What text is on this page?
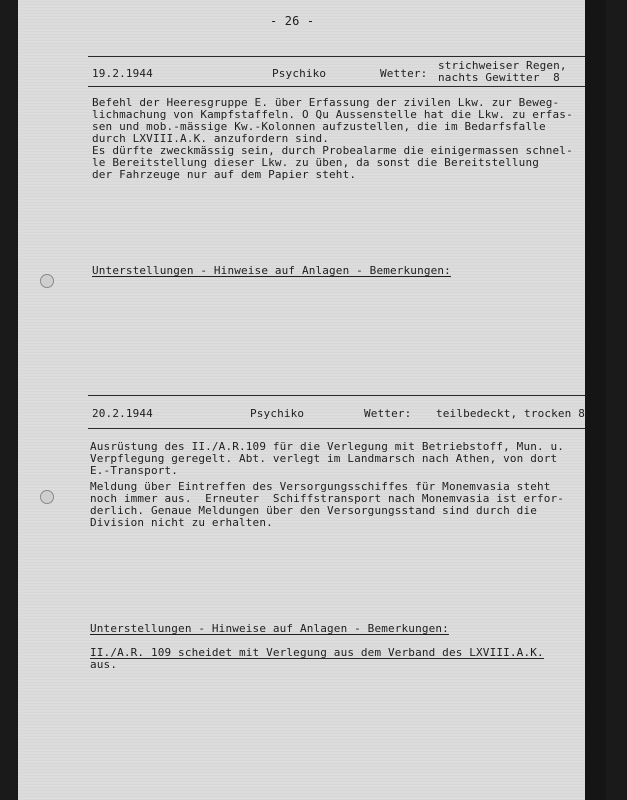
- 26 -
19.2.1944	Psychiko	Wetter:
strichweiser Regen,
nachts Gewitter  8
Befehl der Heeresgruppe E. über Erfassung der zivilen Lkw. zur Beweg-
lichmachung von Kampfstaffeln. O Qu Aussenstelle hat die Lkw. zu erfas-
sen und mob.-mässige Kw.-Kolonnen aufzustellen, die im Bedarfsfalle
durch LXVIII.A.K. anzufordern sind.
Es dürfte zweckmässig sein, durch Probealarme die einigermassen schnel-
le Bereitstellung dieser Lkw. zu üben, da sonst die Bereitstellung
der Fahrzeuge nur auf dem Papier steht.
Unterstellungen - Hinweise auf Anlagen - Bemerkungen:
20.2.1944	Psychiko	Wetter: teilbedeckt, trocken 8
Ausrüstung des II./A.R.109 für die Verlegung mit Betriebstoff, Mun. u.
Verpflegung geregelt. Abt. verlegt im Landmarsch nach Athen, von dort
E.-Transport.
Meldung über Eintreffen des Versorgungsschiffes für Monemvasia steht
noch immer aus.  Erneuter  Schiffstransport nach Monemvasia ist erfor-
derlich. Genaue Meldungen über den Versorgungsstand sind durch die
Division nicht zu erhalten.
Unterstellungen - Hinweise auf Anlagen - Bemerkungen:
II./A.R. 109 scheidet mit Verlegung aus dem Verband des LXVIII.A.K.
aus.
